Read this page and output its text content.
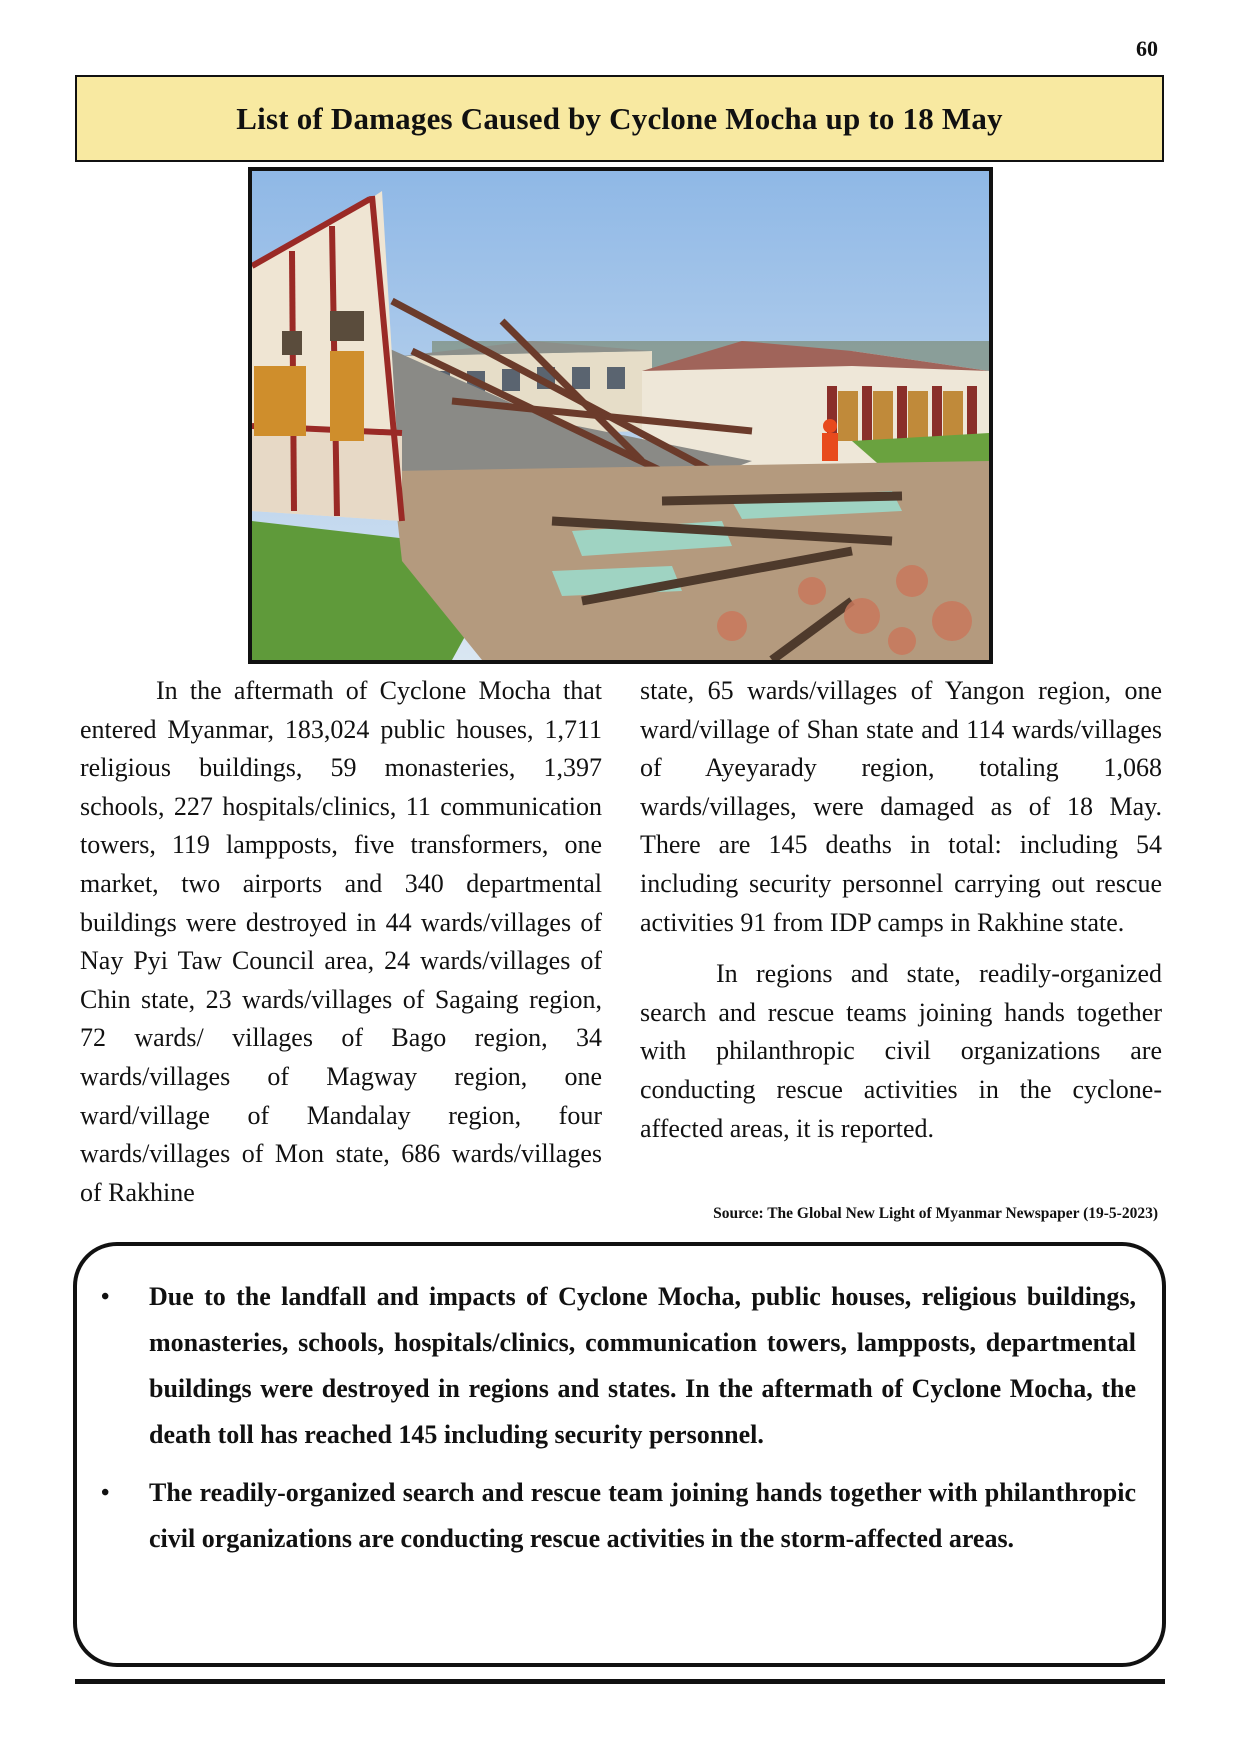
60
List of Damages Caused by Cyclone Mocha up to 18 May

In the aftermath of Cyclone Mocha that entered Myanmar, 183,024 public houses, 1,711 religious buildings, 59 monasteries, 1,397 schools, 227 hospitals/clinics, 11 communication towers, 119 lampposts, five transformers, one market, two airports and 340 departmental buildings were destroyed in 44 wards/villages of Nay Pyi Taw Council area, 24 wards/villages of Chin state, 23 wards/villages of Sagaing region, 72 wards/ villages of Bago region, 34 wards/villages of Magway region, one ward/village of Mandalay region, four wards/villages of Mon state, 686 wards/villages of Rakhine

state, 65 wards/villages of Yangon region, one ward/village of Shan state and 114 wards/villages of Ayeyarady region, totaling 1,068 wards/villages, were damaged as of 18 May. There are 145 deaths in total: including 54 including security personnel carrying out rescue activities 91 from IDP camps in Rakhine state.

In regions and state, readily-organized search and rescue teams joining hands together with philanthropic civil organizations are conducting rescue activities in the cyclone-affected areas, it is reported.

Source: The Global New Light of Myanmar Newspaper (19-5-2023)
• Due to the landfall and impacts of Cyclone Mocha, public houses, religious buildings, monasteries, schools, hospitals/clinics, communication towers, lampposts, departmental buildings were destroyed in regions and states. In the aftermath of Cyclone Mocha, the death toll has reached 145 including security personnel.
• The readily-organized search and rescue team joining hands together with philanthropic civil organizations are conducting rescue activities in the storm-affected areas.
